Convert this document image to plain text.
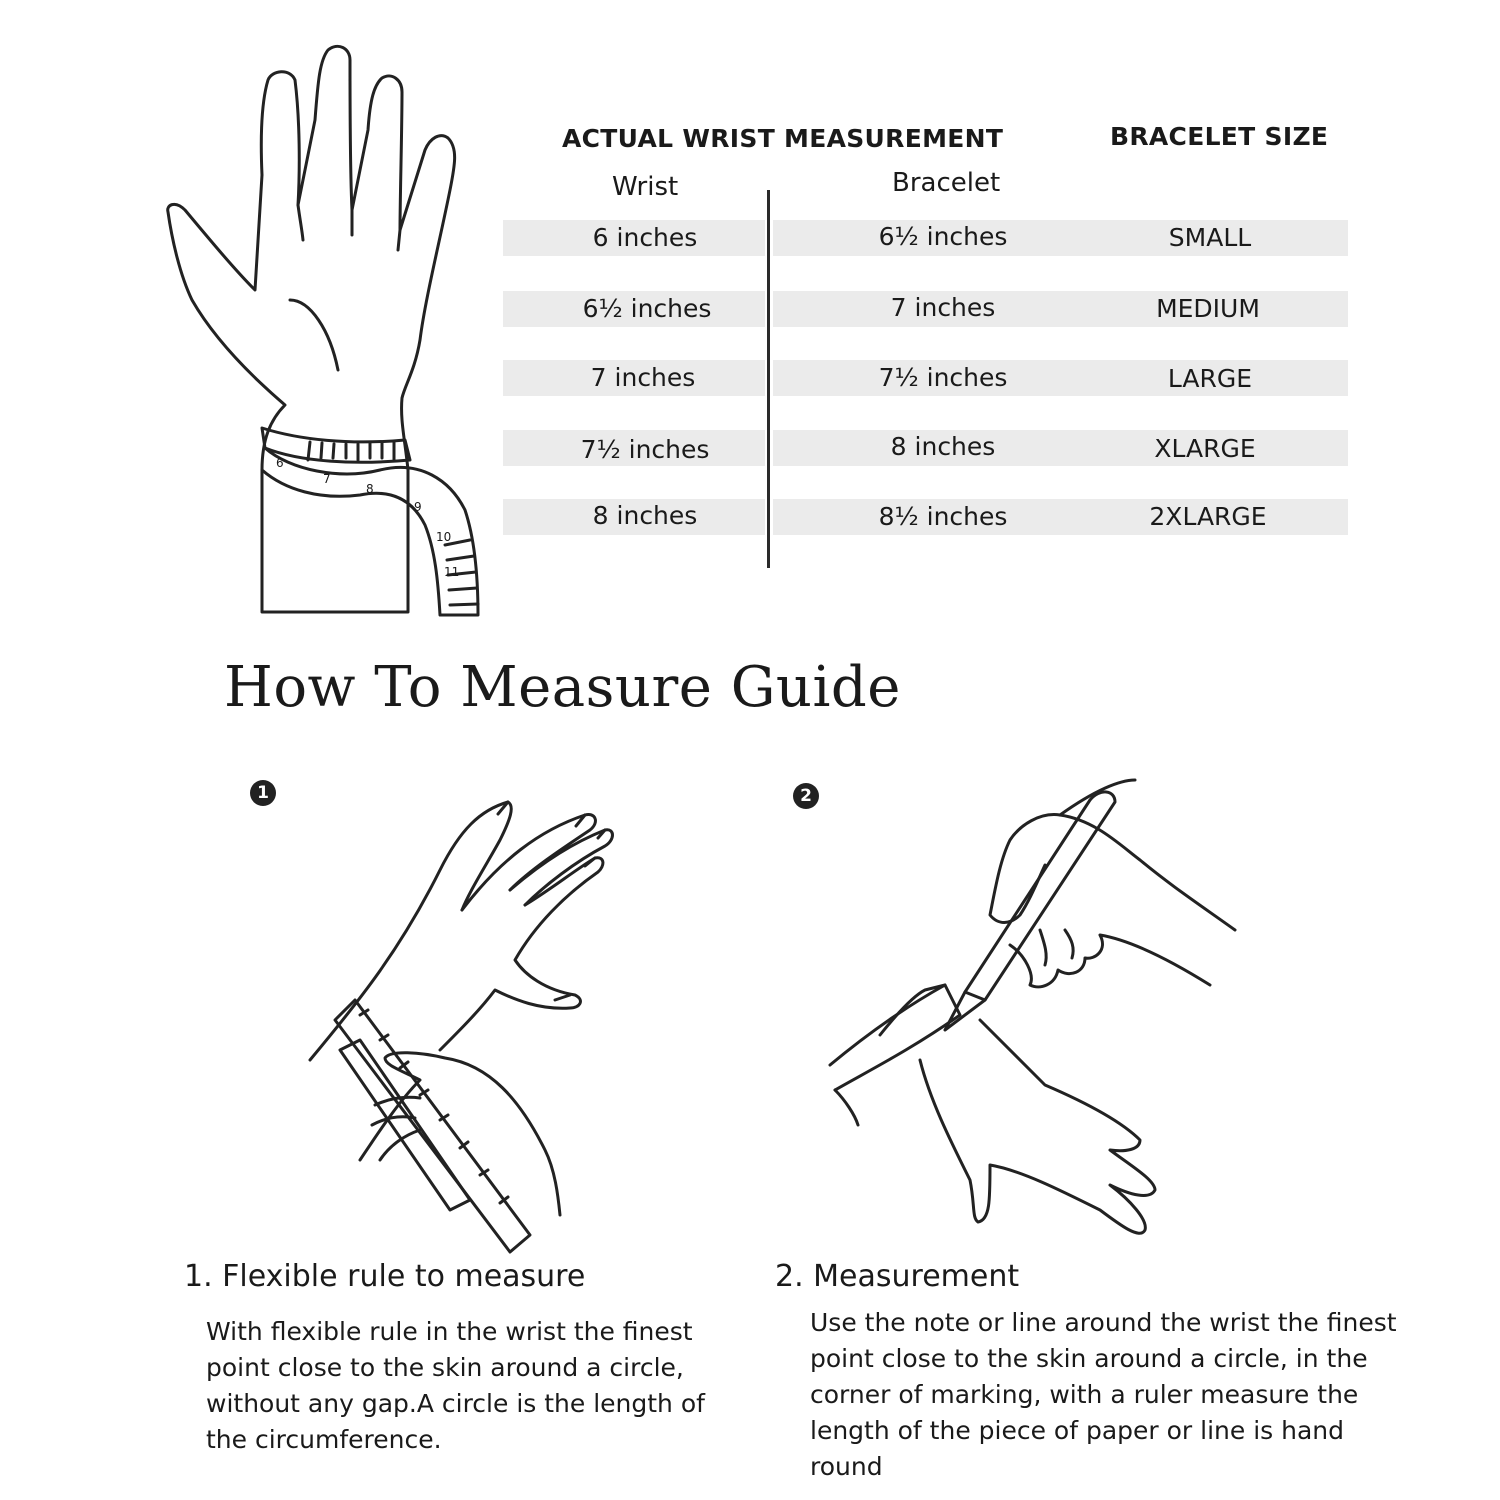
6
7
8
9
10
11
ACTUAL WRIST MEASUREMENT	BRACELET SIZE
Wrist	Bracelet
6 inches	6½ inches	SMALL
6½ inches	7 inches	MEDIUM
7 inches	7½ inches	LARGE
7½ inches	8 inches	XLARGE
8 inches	8½ inches	2XLARGE
How To Measure Guide
1
1. Flexible rule to measure
With flexible rule in the wrist the finest point close to the skin around a circle, without any gap.A circle is the length of the circumference.
2
2. Measurement
Use the note or line around the wrist the finest point close to the skin around a circle, in the corner of marking, with a ruler measure the length of the piece of paper or line is hand round
